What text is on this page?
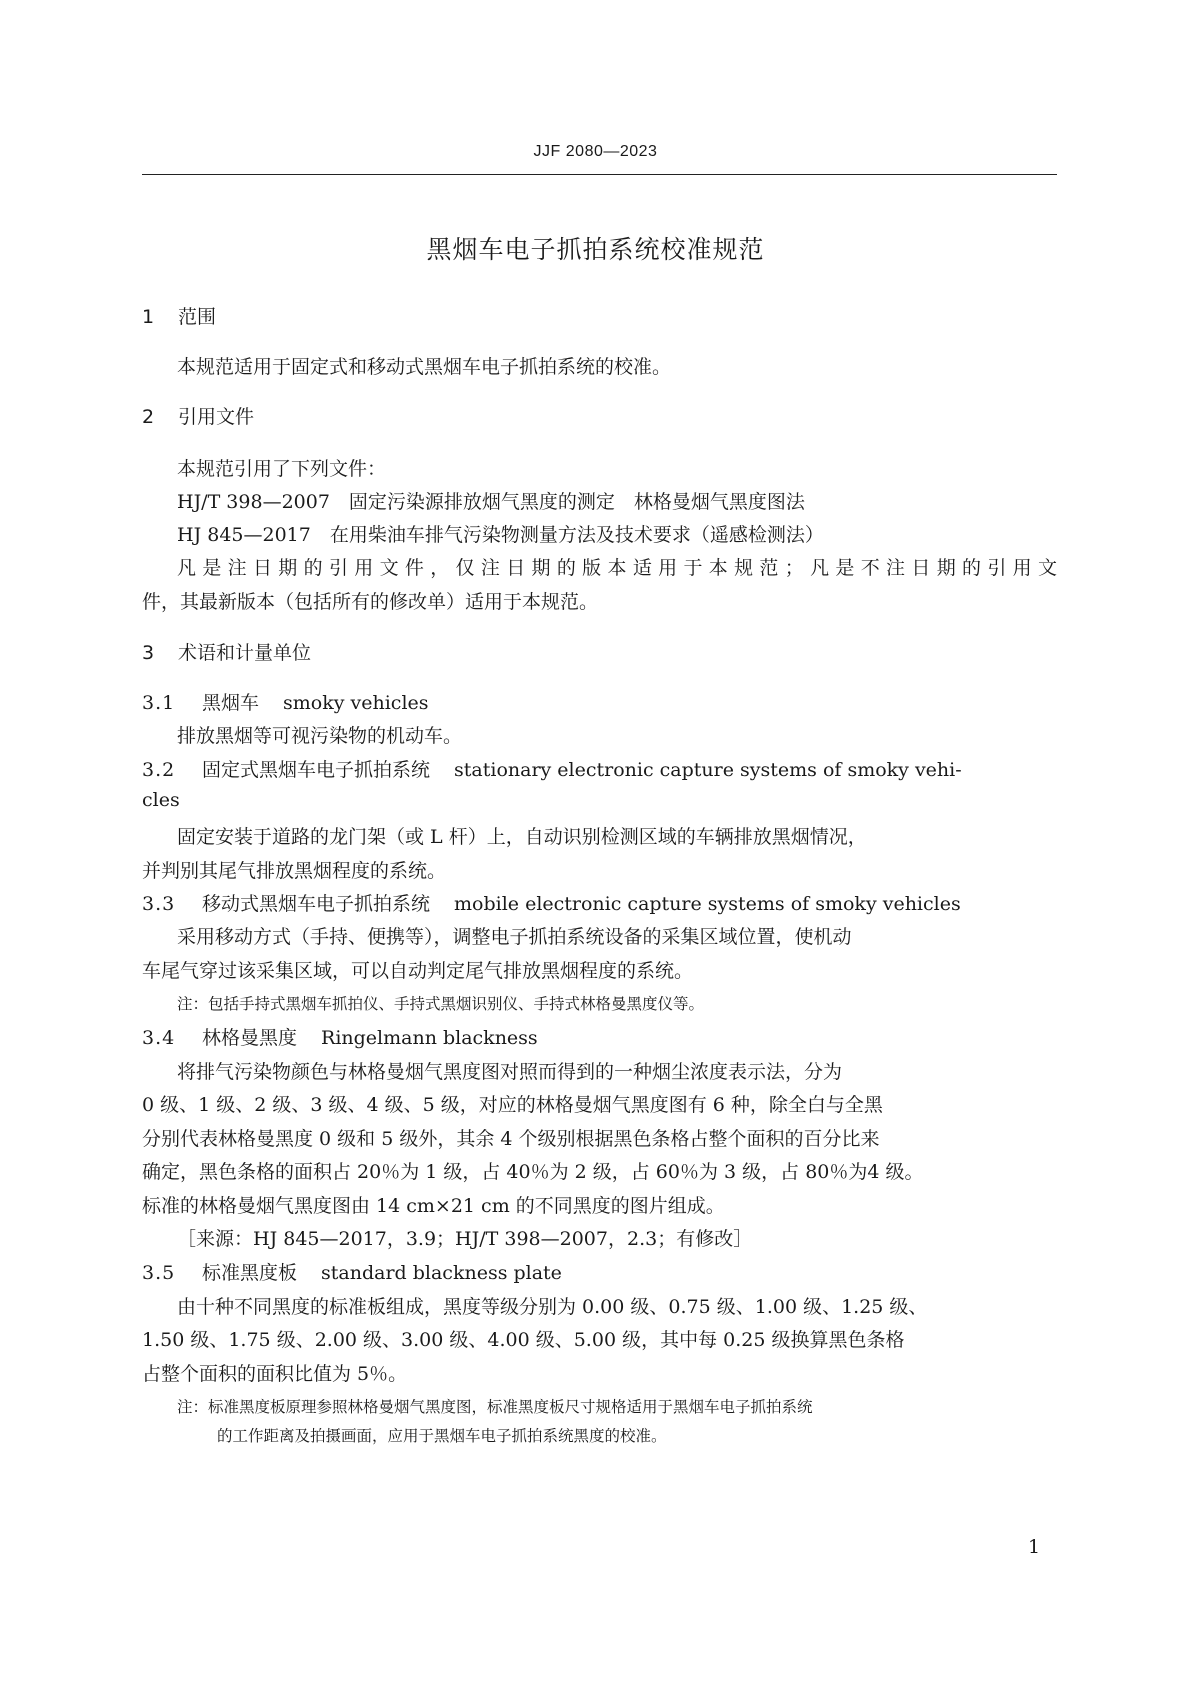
JJF 2080—2023
黑烟车电子抓拍系统校准规范
1 范围
本规范适用于固定式和移动式黑烟车电子抓拍系统的校准。
2 引用文件
本规范引用了下列文件：
HJ/T 398—2007　固定污染源排放烟气黑度的测定　林格曼烟气黑度图法
HJ 845—2017　在用柴油车排气污染物测量方法及技术要求（遥感检测法）
凡是注日期的引用文件，仅注日期的版本适用于本规范；凡是不注日期的引用文
件，其最新版本（包括所有的修改单）适用于本规范。
3 术语和计量单位
3.1 黑烟车 smoky vehicles
排放黑烟等可视污染物的机动车。
3.2 固定式黑烟车电子抓拍系统 stationary electronic capture systems of smoky vehi-
cles
固定安装于道路的龙门架（或 L 杆）上，自动识别检测区域的车辆排放黑烟情况，
并判别其尾气排放黑烟程度的系统。
3.3 移动式黑烟车电子抓拍系统 mobile electronic capture systems of smoky vehicles
采用移动方式（手持、便携等），调整电子抓拍系统设备的采集区域位置，使机动
车尾气穿过该采集区域，可以自动判定尾气排放黑烟程度的系统。
注：包括手持式黑烟车抓拍仪、手持式黑烟识别仪、手持式林格曼黑度仪等。
3.4 林格曼黑度 Ringelmann blackness
将排气污染物颜色与林格曼烟气黑度图对照而得到的一种烟尘浓度表示法，分为
0 级、1 级、2 级、3 级、4 级、5 级，对应的林格曼烟气黑度图有 6 种，除全白与全黑
分别代表林格曼黑度 0 级和 5 级外，其余 4 个级别根据黑色条格占整个面积的百分比来
确定，黑色条格的面积占 20％为 1 级，占 40％为 2 级，占 60％为 3 级，占 80％为4 级。
标准的林格曼烟气黑度图由 14 cm×21 cm 的不同黑度的图片组成。
［来源：HJ 845—2017，3.9；HJ/T 398—2007，2.3；有修改］
3.5 标准黑度板 standard blackness plate
由十种不同黑度的标准板组成，黑度等级分别为 0.00 级、0.75 级、1.00 级、1.25 级、
1.50 级、1.75 级、2.00 级、3.00 级、4.00 级、5.00 级，其中每 0.25 级换算黑色条格
占整个面积的面积比值为 5％。
注：标准黑度板原理参照林格曼烟气黑度图，标准黑度板尺寸规格适用于黑烟车电子抓拍系统
的工作距离及拍摄画面，应用于黑烟车电子抓拍系统黑度的校准。
1
